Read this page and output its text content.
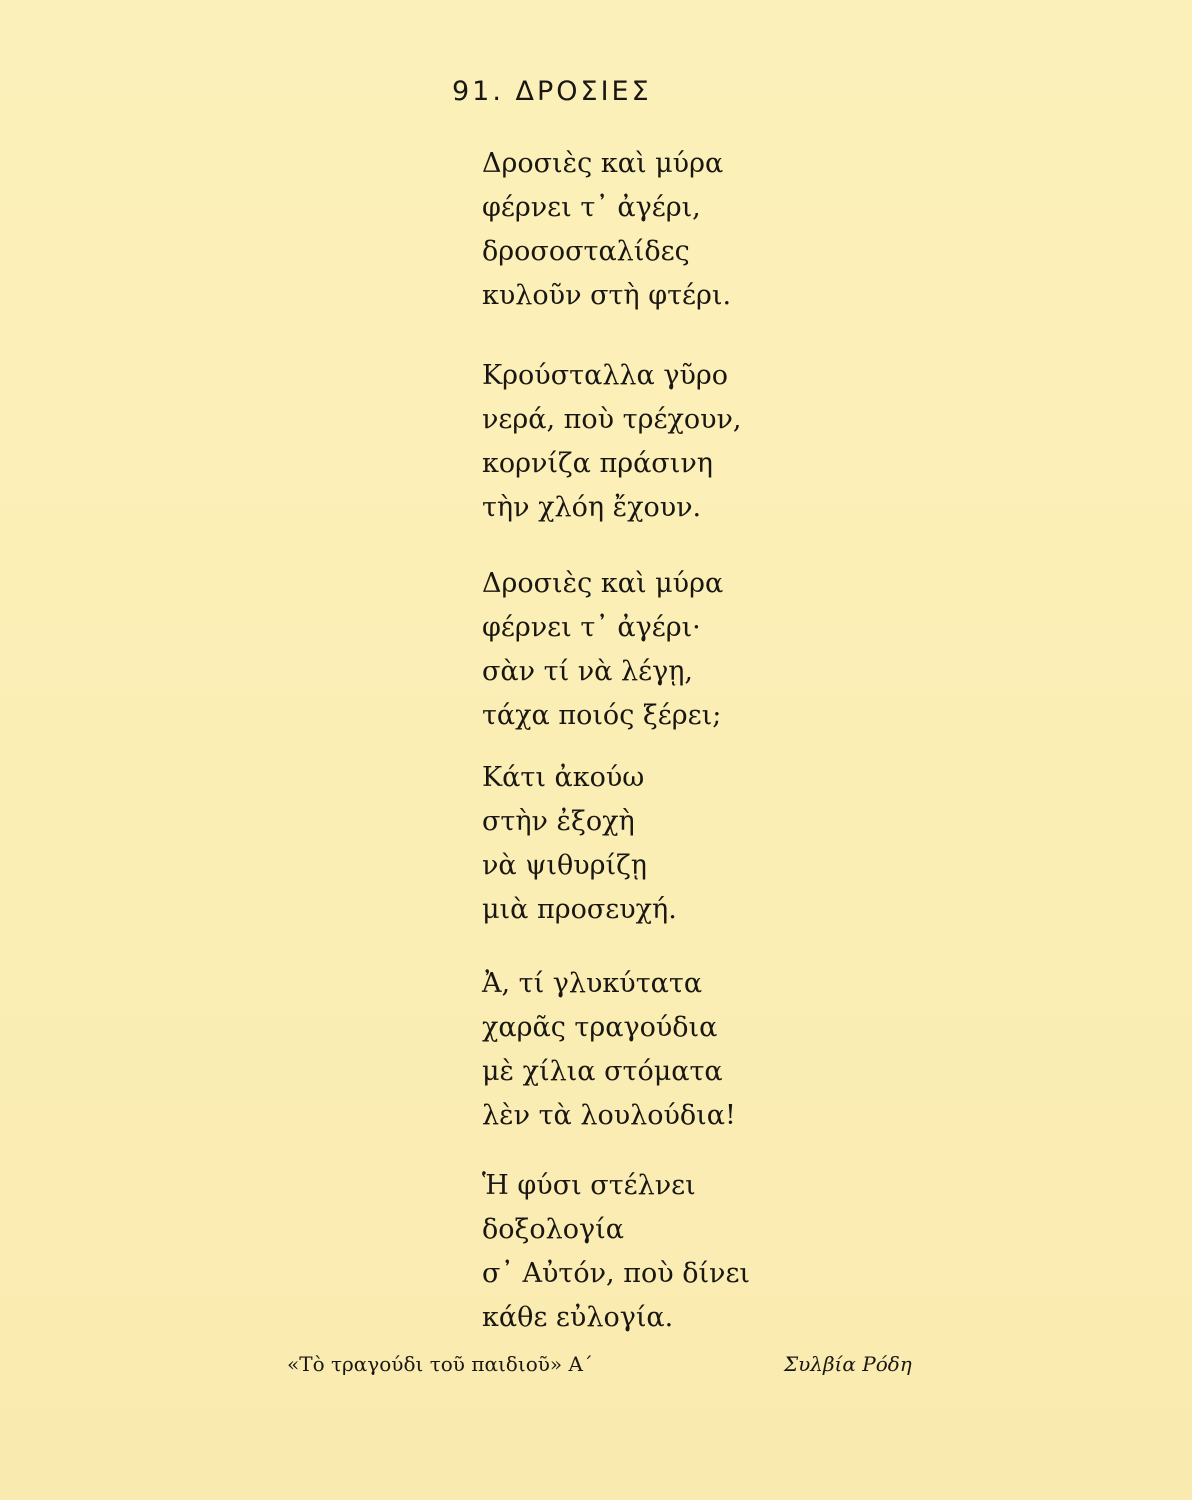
91. ΔΡΟΣΙΕΣ
Δροσιὲς καὶ μύρα
φέρνει τ᾽ ἀγέρι,
δροσοσταλίδες
κυλοῦν στὴ φτέρι.
Κρούσταλλα γῦρο
νερά, ποὺ τρέχουν,
κορνίζα πράσινη
τὴν χλόη ἔχουν.
Δροσιὲς καὶ μύρα
φέρνει τ᾽ ἀγέρι·
σὰν τί νὰ λέγῃ,
τάχα ποιός ξέρει;
Κάτι ἀκούω
στὴν ἐξοχὴ
νὰ ψιθυρίζῃ
μιὰ προσευχή.
Ἀ, τί γλυκύτατα
χαρᾶς τραγούδια
μὲ χίλια στόματα
λὲν τὰ λουλούδια!
Ἡ φύσι στέλνει
δοξολογία
σ᾽ Αὐτόν, ποὺ δίνει
κάθε εὐλογία.
«Τὸ τραγούδι τοῦ παιδιοῦ» Α΄	Συλβία Ρόδη
